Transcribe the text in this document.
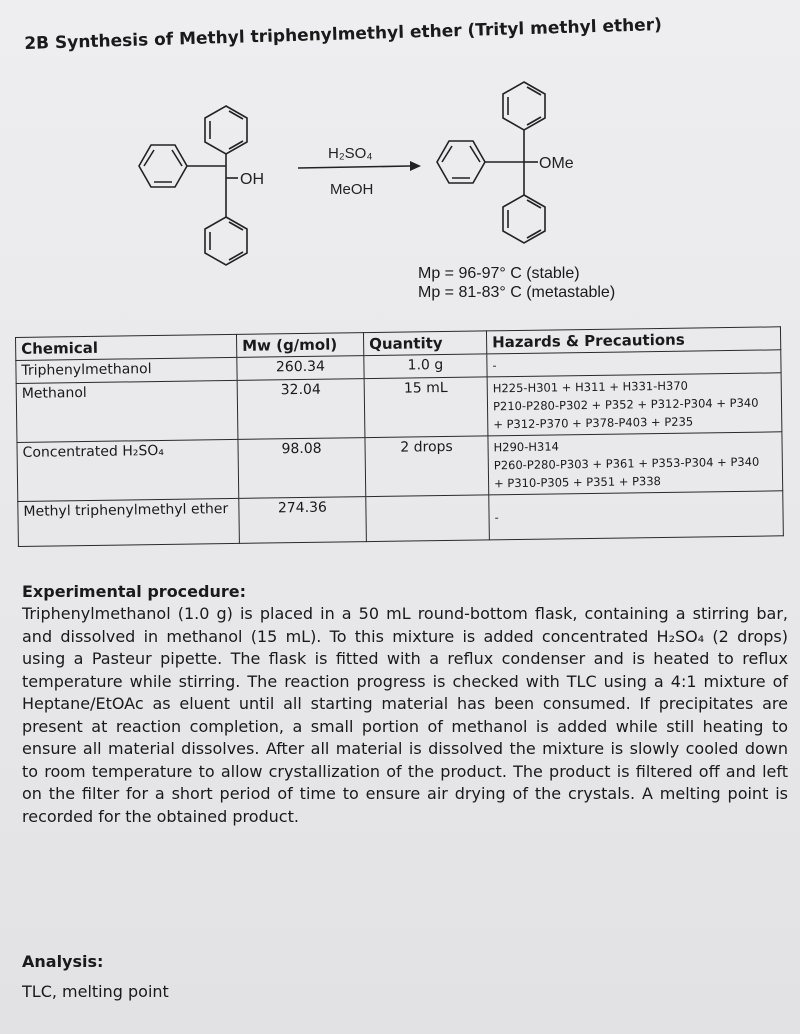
2B Synthesis of Methyl triphenylmethyl ether (Trityl methyl ether)
OH
H₂SO₄
MeOH
OMe
Mp = 96-97° C (stable)
Mp = 81-83° C (metastable)
Chemical	Mw (g/mol)	Quantity	Hazards & Precautions
Triphenylmethanol	260.34	1.0 g	-
Methanol	32.04	15 mL	H225-H301 + H311 + H331-H370
P210-P280-P302 + P352 + P312-P304 + P340
+ P312-P370 + P378-P403 + P235

Concentrated H₂SO₄	98.08	2 drops	H290-H314
P260-P280-P303 + P361 + P353-P304 + P340
+ P310-P305 + P351 + P338

Methyl triphenylmethyl ether	274.36		-
Experimental procedure:
Triphenylmethanol (1.0 g) is placed in a 50 mL round-bottom flask, containing a stirring bar, and dissolved in methanol (15 mL). To this mixture is added concentrated H₂SO₄ (2 drops) using a Pasteur pipette. The flask is fitted with a reflux condenser and is heated to reflux temperature while stirring. The reaction progress is checked with TLC using a 4:1 mixture of Heptane/EtOAc as eluent until all starting material has been consumed. If precipitates are present at reaction completion, a small portion of methanol is added while still heating to ensure all material dissolves. After all material is dissolved the mixture is slowly cooled down to room temperature to allow crystallization of the product. The product is filtered off and left on the filter for a short period of time to ensure air drying of the crystals. A melting point is recorded for the obtained product.
Analysis:
TLC, melting point
